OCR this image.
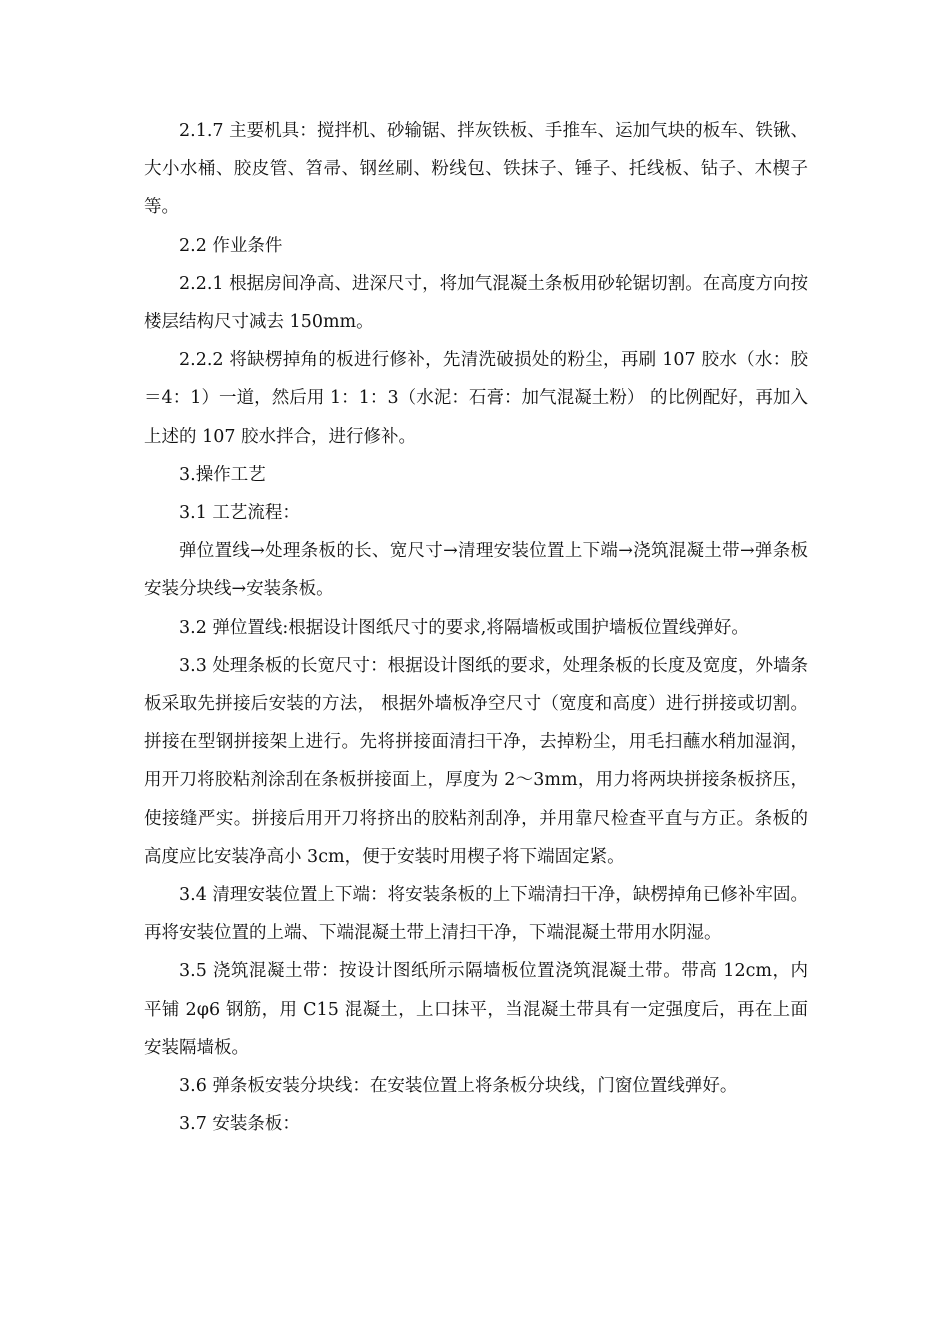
2.1.7 主要机具：搅拌机、砂输锯、拌灰铁板、手推车、运加气块的板车、铁锹、大小水桶、胶皮管、笤帚、钢丝刷、粉线包、铁抹子、锤子、托线板、钻子、木楔子等。

2.2 作业条件

2.2.1 根据房间净高、进深尺寸，将加气混凝土条板用砂轮锯切割。在高度方向按楼层结构尺寸减去 150mm。

2.2.2 将缺楞掉角的板进行修补，先清洗破损处的粉尘，再刷 107 胶水（水：胶＝4：1）一道，然后用 1：1：3（水泥：石膏：加气混凝土粉） 的比例配好，再加入上述的 107 胶水拌合，进行修补。

3.操作工艺

3.1 工艺流程：

弹位置线→处理条板的长、宽尺寸→清理安装位置上下端→浇筑混凝土带→弹条板安装分块线→安装条板。

3.2 弹位置线:根据设计图纸尺寸的要求,将隔墙板或围护墙板位置线弹好。

3.3 处理条板的长宽尺寸：根据设计图纸的要求，处理条板的长度及宽度，外墙条板采取先拼接后安装的方法， 根据外墙板净空尺寸（宽度和高度）进行拼接或切割。拼接在型钢拼接架上进行。先将拼接面清扫干净，去掉粉尘，用毛扫蘸水稍加湿润，用开刀将胶粘剂涂刮在条板拼接面上，厚度为 2～3mm，用力将两块拼接条板挤压，使接缝严实。拼接后用开刀将挤出的胶粘剂刮净，并用靠尺检查平直与方正。条板的高度应比安装净高小 3cm，便于安装时用楔子将下端固定紧。

3.4 清理安装位置上下端：将安装条板的上下端清扫干净，缺楞掉角已修补牢固。再将安装位置的上端、下端混凝土带上清扫干净，下端混凝土带用水阴湿。

3.5 浇筑混凝土带：按设计图纸所示隔墙板位置浇筑混凝土带。带高 12cm，内平铺 2φ6 钢筋，用 C15 混凝土，上口抹平，当混凝土带具有一定强度后，再在上面安装隔墙板。

3.6 弹条板安装分块线：在安装位置上将条板分块线，门窗位置线弹好。

3.7 安装条板：
